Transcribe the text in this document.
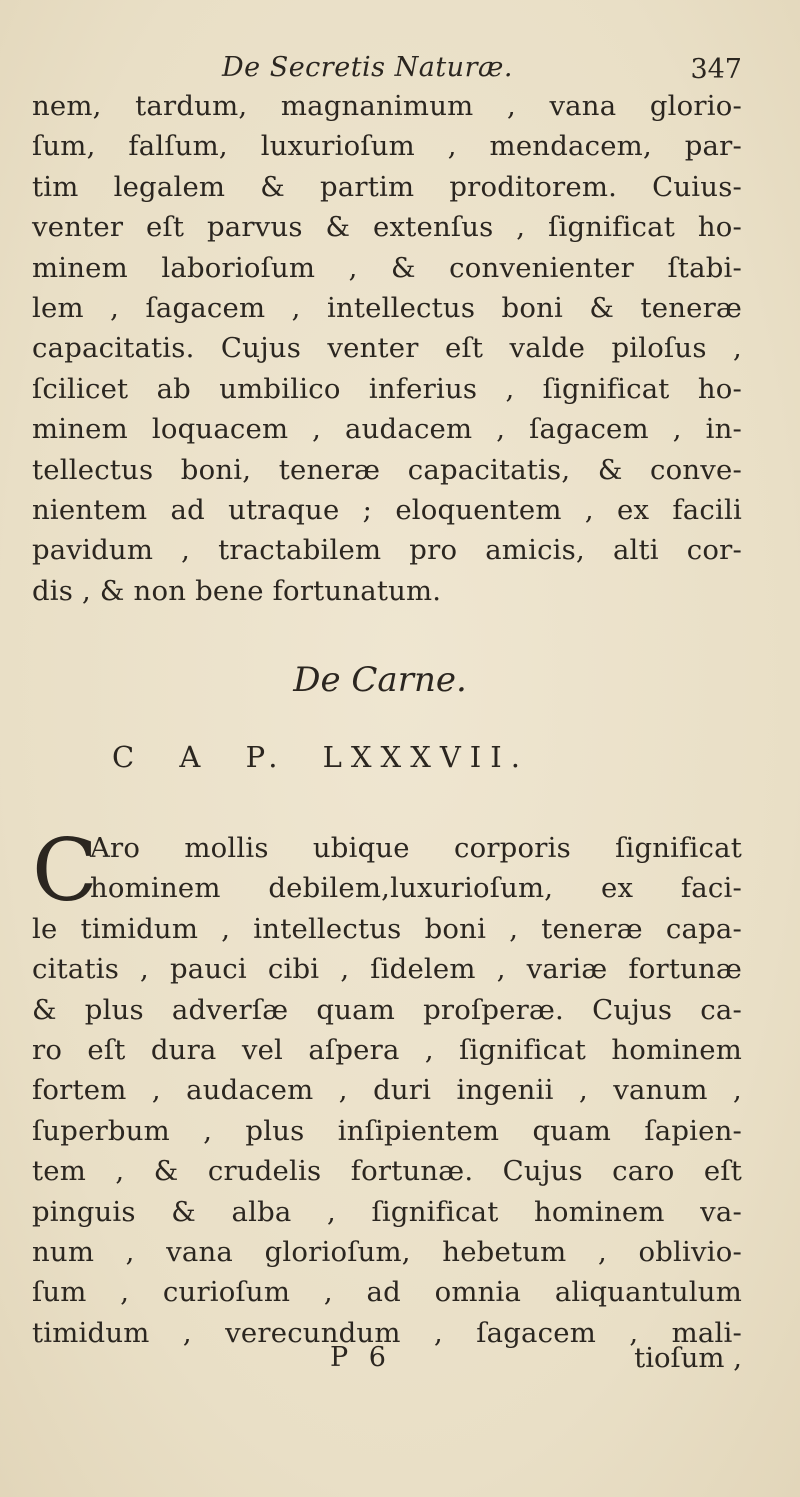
De Secretis Naturæ.	347
nem, tardum, magnanimum , vana glorio-
ſum, falſum, luxurioſum , mendacem, par-
tim legalem & partim proditorem. Cuius-
venter eſt parvus & extenſus , ſignificat ho-
minem laborioſum , & convenienter ſtabi-
lem , ſagacem , intellectus boni & teneræ
capacitatis. Cujus venter eſt valde piloſus ,
ſcilicet ab umbilico inferius , ſignificat ho-
minem loquacem , audacem , ſagacem , in-
tellectus boni, teneræ capacitatis, & conve-
nientem ad utraque ; eloquentem , ex facili
pavidum , tractabilem pro amicis, alti cor-
dis , & non bene fortunatum.
De Carne.
C A P. LXXXVII.
C
Aro mollis ubique corporis ſignificat
hominem debilem,luxurioſum, ex faci-
le timidum , intellectus boni , teneræ capa-
citatis , pauci cibi , ſidelem , variæ fortunæ
& plus adverſæ quam proſperæ. Cujus ca-
ro eſt dura vel aſpera , ſignificat hominem
fortem , audacem , duri ingenii , vanum ,
ſuperbum , plus inſipientem quam ſapien-
tem , & crudelis fortunæ. Cujus caro eſt
pinguis & alba , ſignificat hominem va-
num , vana glorioſum, hebetum , oblivio-
ſum , curioſum , ad omnia aliquantulum
timidum , verecundum , ſagacem , mali-
P 6	tioſum ,
